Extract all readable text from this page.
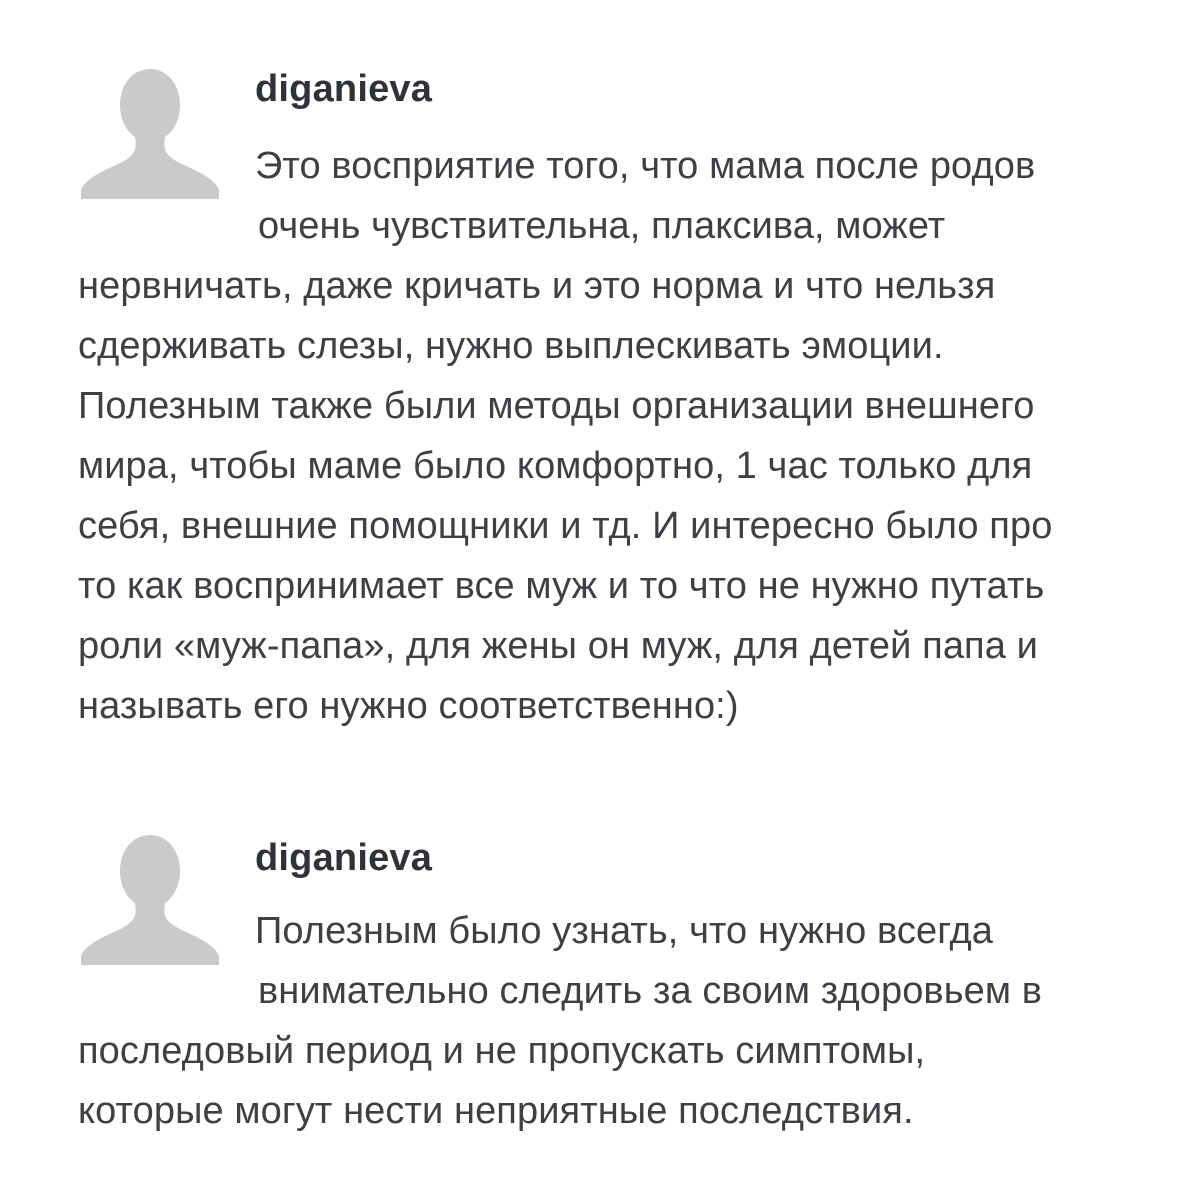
diganieva
Это восприятие того, что мама после родов
очень чувствительна, плаксива, может
нервничать, даже кричать и это норма и что нельзя
сдерживать слезы, нужно выплескивать эмоции.
Полезным также были методы организации внешнего
мира, чтобы маме было комфортно, 1 час только для
себя, внешние помощники и тд. И интересно было про
то как воспринимает все муж и то что не нужно путать
роли «муж-папа», для жены он муж, для детей папа и
называть его нужно соответственно:)
diganieva
Полезным было узнать, что нужно всегда
внимательно следить за своим здоровьем в
последовый период и не пропускать симптомы,
которые могут нести неприятные последствия.
